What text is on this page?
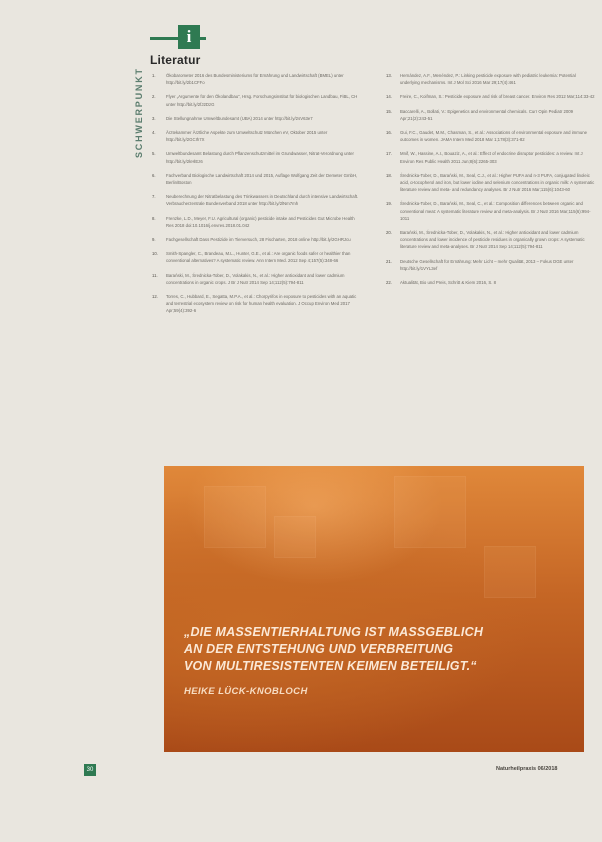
SCHWERPUNKT
i
Literatur
1.	Ökobarometer 2016 des Bundesministeriums für Ernährung und Landwirtschaft (BMEL) unter http://bit.ly/2b1CFFo
2.	Flyer „Argumente für den Ökolandbau“, Hrsg. Forschungsinstitut für biologischen Landbau, FiBL, CH unter http://bit.ly/2fJ2DzG
3.	Die Stellungnahme Umweltbundesamt (UBA) 2014 unter http://bit.ly/2sV63e7
4.	Ärztekammer Ärztliche Aspekte zum Umweltschutz München eV, Oktober 2015 unter http://bit.ly/2GCIh7X
5.	Umweltbundesamt Belastung durch Pflanzenschutzmittel im Grundwasser, Nitrat-Verordnung unter http://bit.ly/2kHlEz6
6.	Fachverband Biologische Landwirtschaft 2014 und 2015, Auflage Wolfgang Zeit der Demeter GmbH, Berlin/Boston
7.	Neuberechnung der Nitratbelastung des Trinkwassers in Deutschland durch intensive Landwirtschaft. Verbraucherzentrale Bundesverband 2018 unter http://bit.ly/2lNm7mh
8.	Frenzke, L.D., Meyer, F.U. Agricultural (organic) pesticide intake and Pesticides Gut Microbe Health Res 2018 doi:10.1016/j.envres.2018.01.042
9.	Fachgesellschaft Dass Pestizide im Tierversuch, 28 Fischarten, 2018 online http://bit.ly/2GHRJcu
10.	Smith-Spangler, C., Brandeau, M.L., Hunter, G.E., et al.: Are organic foods safer or healthier than conventional alternatives? A systematic review. Ann Intern Med. 2012 Sep 4;157(5):348-66
11.	Barański, M., Średnicka-Tober, D., Volakakis, N., et al.: Higher antioxidant and lower cadmium concentrations in organic crops. J Br J Nutr 2014 Sep 14;112(5):794-811
12.	Torres, C., Hubbard, E., Segatta, M.P.A., et al.: Chorpyrifos in exposure to pesticides with an aquatic and terrestrial ecosystem review on risk for human health evaluation. J Occup Environ Med 2017 Apr;59(4):392-6
13.	Hernández, A.F., Menéndez, P.: Linking pesticide exposure with pediatric leukemia: Potential underlying mechanisms. Int J Mol Sci 2016 Mar 29;17(4):461
14.	Freire, C., Koifman, S.: Pesticide exposure and risk of breast cancer. Environ Res 2012 Mar;114:33-42
15.	Baccarelli, A., Bollati, V.: Epigenetics and environmental chemicals. Curr Opin Pediatr 2009 Apr;21(2):243-51
16.	Gui, F.C., Gaudet, M.M., Chasman, S., et al.: Associations of environmental exposure and immune outcomes in women. JAMA Intern Med 2018 Mar 1;178(3):371-82
17.	Mnif, W., Hassine, A.I., Bouaziz, A., et al.: Effect of endocrine disruptor pesticides: a review. Int J Environ Res Public Health 2011 Jun;8(6):2265-303
18.	Średnicka-Tober, D., Barański, M., Seal, C.J., et al.: Higher PUFA and n-3 PUFA, conjugated linoleic acid, α-tocopherol and iron, but lower iodine and selenium concentrations in organic milk: A systematic literature review and meta- and redundancy analyses. Br J Nutr 2016 Mar;115(6):1043-60
19.	Średnicka-Tober, D., Barański, M., Seal, C., et al.: Composition differences between organic and conventional meat: A systematic literature review and meta-analysis. Br J Nutr 2016 Mar;115(6):994-1011
20.	Barański, M., Średnicka-Tober, D., Volakakis, N., et al.: Higher antioxidant and lower cadmium concentrations and lower incidence of pesticide residues in organically grown crops: A systematic literature review and meta-analyses. Br J Nutr 2014 Sep 14;112(5):794-811
21.	Deutsche Gesellschaft für Ernährung: Mehr Licht – mehr Qualität, 2013 – Fokus DGE unter http://bit.ly/1VYL3ef
22.	Aktualität, Bio und Preis, Schritt & Kiem 2016, S. 8
„DIE MASSENTIERHALTUNG IST MASSGEBLICH
AN DER ENTSTEHUNG UND VERBREITUNG
VON MULTIRESISTENTEN KEIMEN BETEILIGT.“
HEIKE LÜCK-KNOBLOCH
30	Naturheilpraxis 06/2018
